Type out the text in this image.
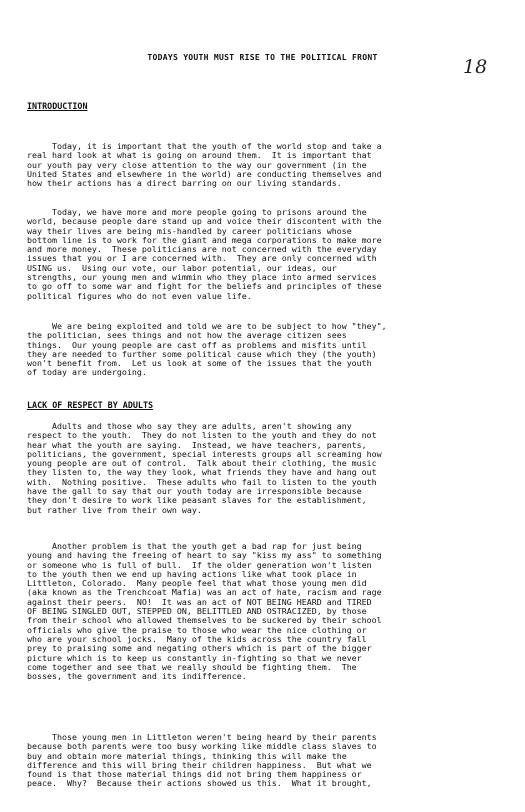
TODAYS YOUTH MUST RISE TO THE POLITICAL FRONT	18
INTRODUCTION

Today, it is important that the youth of the world stop and take a
real hard look at what is going on around them.  It is important that
our youth pay very close attention to the way our government (in the
United States and elsewhere in the world) are conducting themselves and
how their actions has a direct barring on our living standards.

Today, we have more and more people going to prisons around the
world, because people dare stand up and voice their discontent with the
way their lives are being mis-handled by career politicians whose
bottom line is to work for the giant and mega corporations to make more
and more money.  These politicians are not concerned with the everyday
issues that you or I are concerned with.  They are only concerned with
USING us.  Using our vote, our labor potential, our ideas, our
strengths, our young men and wimmin who they place into armed services
to go off to some war and fight for the beliefs and principles of these
political figures who do not even value life.

We are being exploited and told we are to be subject to how "they",
the politician, sees things and not how the average citizen sees
things.  Our young people are cast off as problems and misfits until
they are needed to further some political cause which they (the youth)
won't benefit from.  Let us look at some of the issues that the youth
of today are undergoing.

LACK OF RESPECT BY ADULTS

Adults and those who say they are adults, aren't showing any
respect to the youth.  They do not listen to the youth and they do not
hear what the youth are saying.  Instead, we have teachers, parents,
politicians, the government, special interests groups all screaming how
young people are out of control.  Talk about their clothing, the music
they listen to, the way they look, what friends they have and hang out
with.  Nothing positive.  These adults who fail to listen to the youth
have the gall to say that our youth today are irresponsible because
they don't desire to work like peasant slaves for the establishment,
but rather live from their own way.

Another problem is that the youth get a bad rap for just being
young and having the freeing of heart to say "kiss my ass" to something
or someone who is full of bull.  If the older generation won't listen
to the youth then we end up having actions like what took place in
Littleton, Colorado.  Many people feel that what those young men did
(aka known as the Trenchcoat Mafia) was an act of hate, racism and rage
against their peers.  NO!  It was an act of NOT BEING HEARD and TIRED
OF BEING SINGLED OUT, STEPPED ON, BELITTLED AND OSTRACIZED, by those
from their school who allowed themselves to be suckered by their school
officials who give the praise to those who wear the nice clothing or
who are your school jocks.  Many of the kids across the country fall
prey to praising some and negating others which is part of the bigger
picture which is to keep us constantly in-fighting so that we never
come together and see that we really should be fighting them.  The
bosses, the government and its indifference.

Those young men in Littleton weren't being heard by their parents
because both parents were too busy working like middle class slaves to
buy and obtain more material things, thinking this will make the
difference and this will bring their children happiness.  But what we
found is that those material things did not bring them happiness or
peace.  Why?  Because their actions showed us this.  What it brought,
